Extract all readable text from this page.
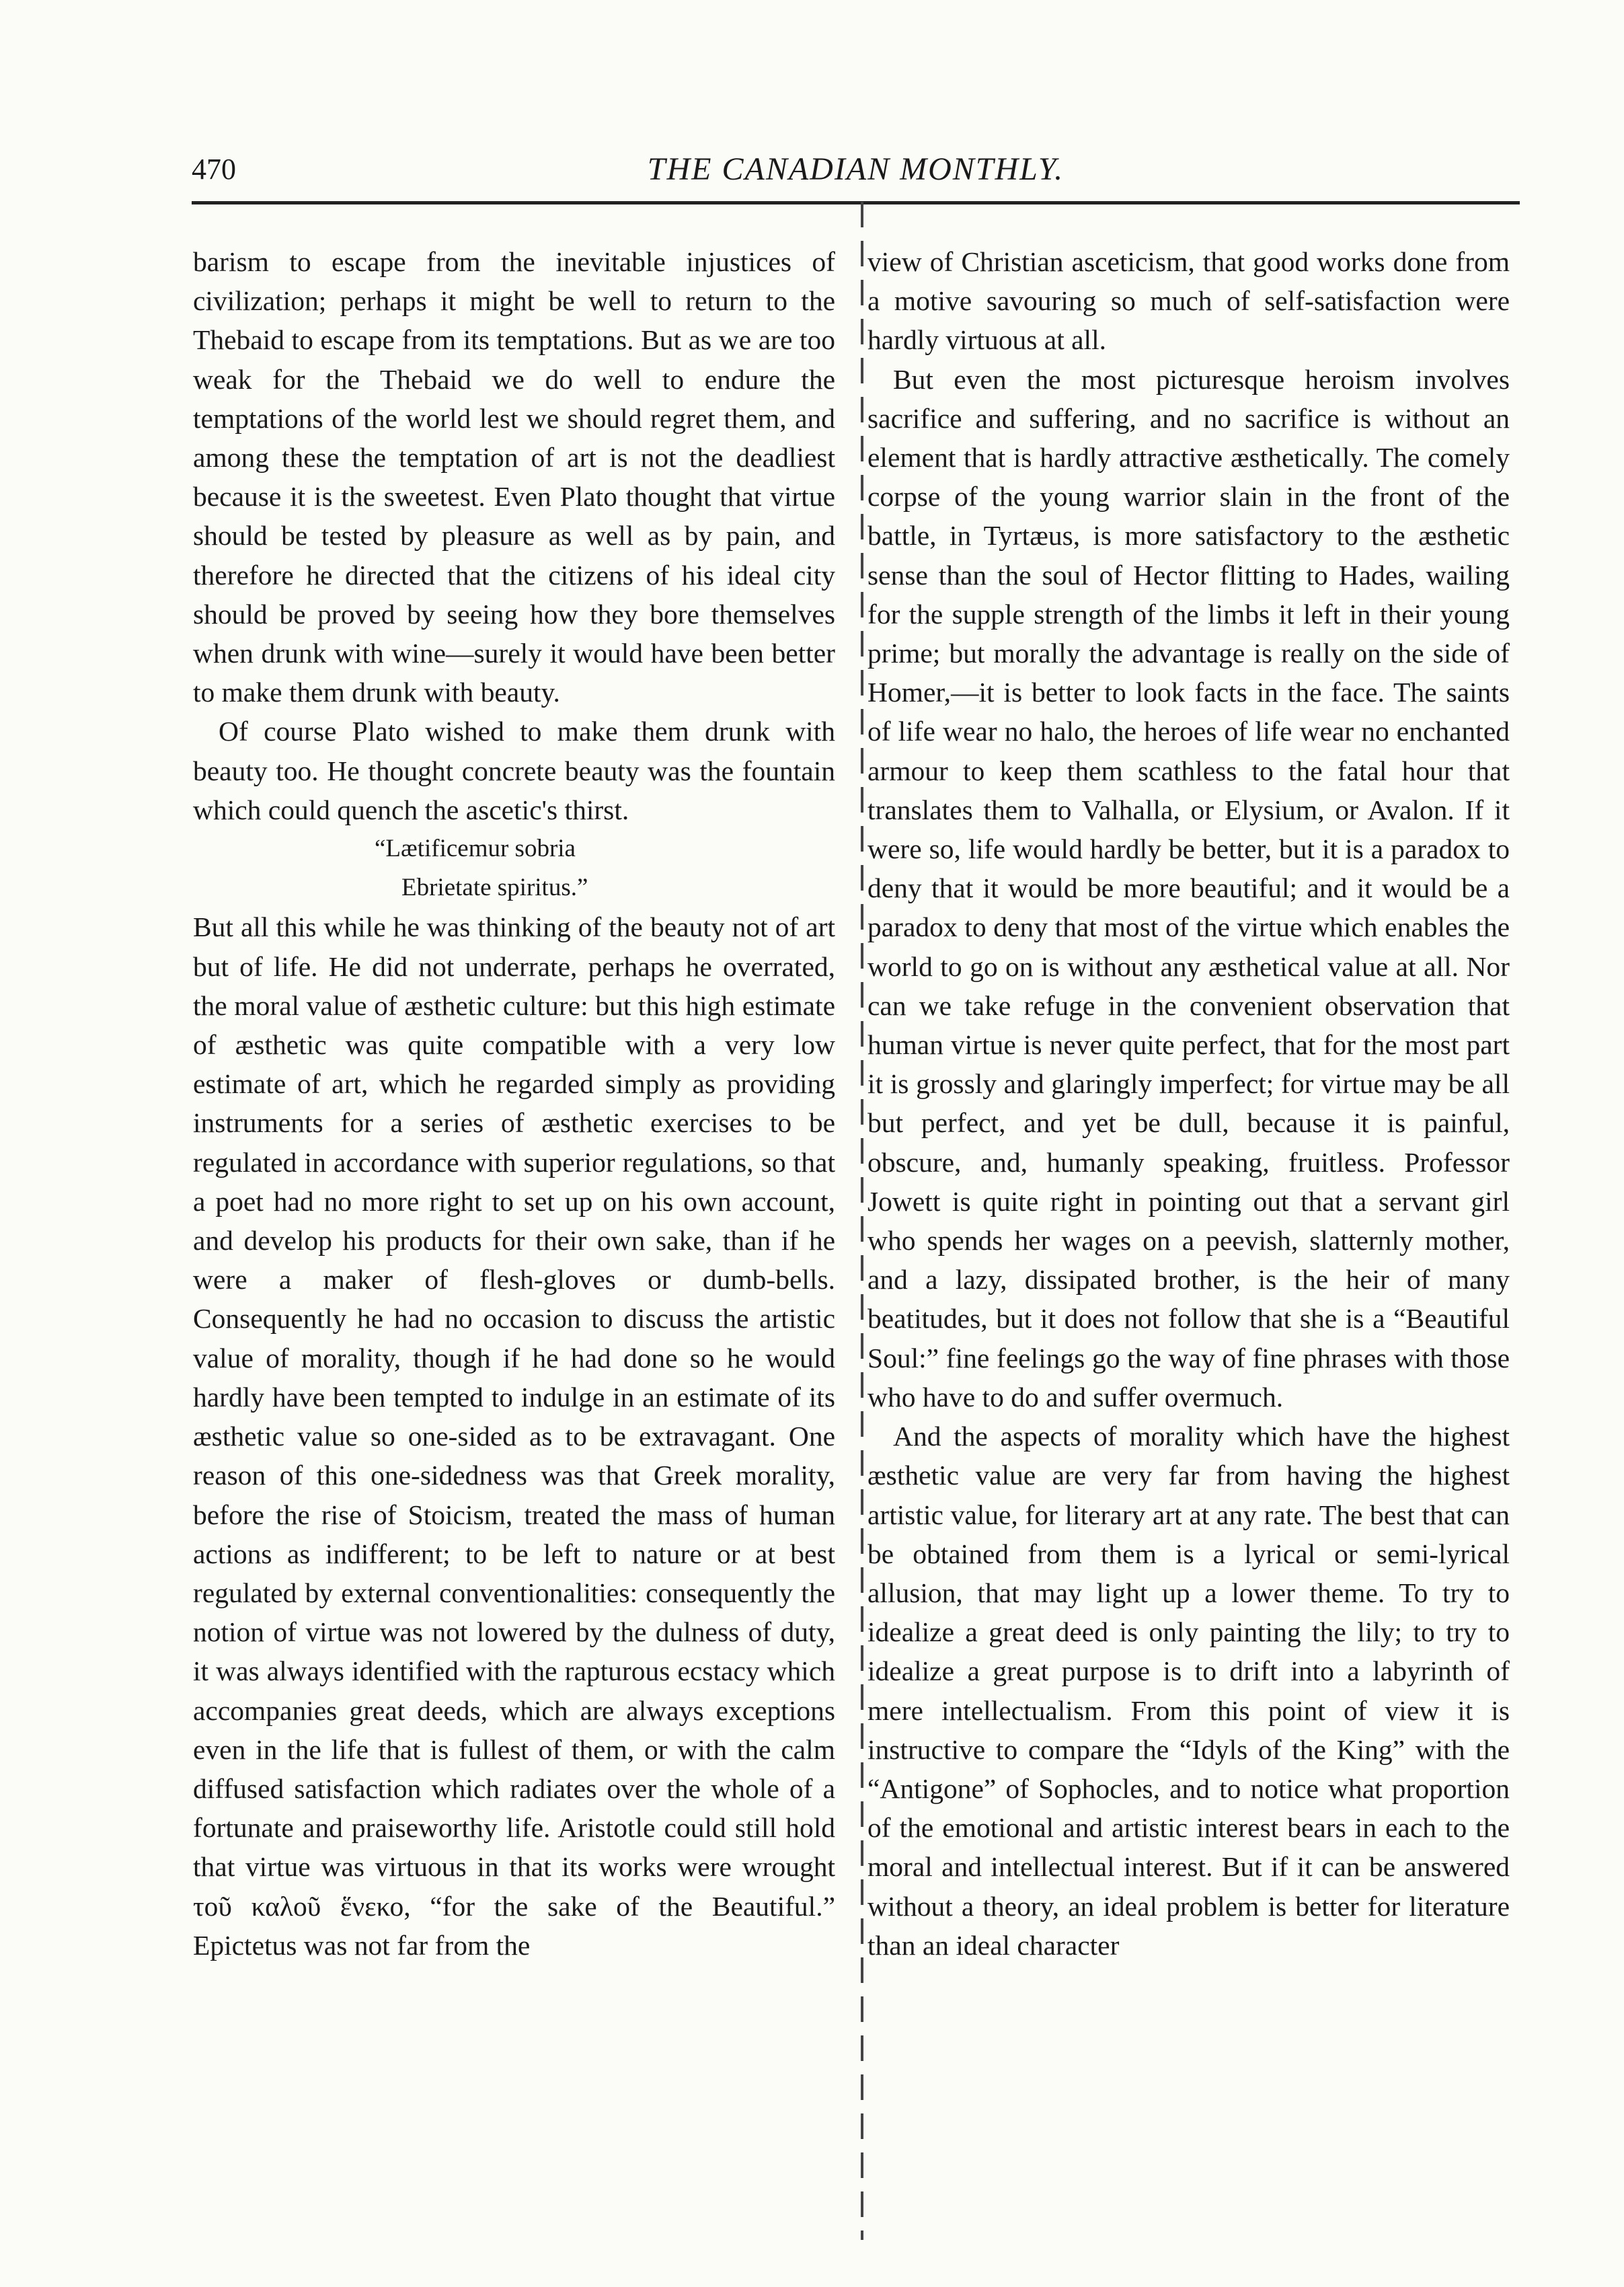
470	THE CANADIAN MONTHLY.

barism to escape from the inevitable injustices of civilization; perhaps it might be well to return to the Thebaid to escape from its temptations. But as we are too weak for the Thebaid we do well to endure the temptations of the world lest we should regret them, and among these the temptation of art is not the deadliest because it is the sweetest. Even Plato thought that virtue should be tested by pleasure as well as by pain, and therefore he directed that the citizens of his ideal city should be proved by seeing how they bore themselves when drunk with wine—surely it would have been better to make them drunk with beauty.

Of course Plato wished to make them drunk with beauty too. He thought concrete beauty was the fountain which could quench the ascetic's thirst.

“Lætificemur sobria
Ebrietate spiritus.”

But all this while he was thinking of the beauty not of art but of life. He did not underrate, perhaps he overrated, the moral value of æsthetic culture: but this high estimate of æsthetic was quite compatible with a very low estimate of art, which he regarded simply as providing instruments for a series of æsthetic exercises to be regulated in accordance with superior regulations, so that a poet had no more right to set up on his own account, and develop his products for their own sake, than if he were a maker of flesh-gloves or dumb-bells. Consequently he had no occasion to discuss the artistic value of morality, though if he had done so he would hardly have been tempted to indulge in an estimate of its æsthetic value so one-sided as to be extravagant. One reason of this one-sidedness was that Greek morality, before the rise of Stoicism, treated the mass of human actions as indifferent; to be left to nature or at best regulated by external conventionalities: consequently the notion of virtue was not lowered by the dulness of duty, it was always identified with the rapturous ecstacy which accompanies great deeds, which are always exceptions even in the life that is fullest of them, or with the calm diffused satisfaction which radiates over the whole of a fortunate and praiseworthy life. Aristotle could still hold that virtue was virtuous in that its works were wrought τοῦ καλοῦ ἕνεκο, “for the sake of the Beautiful.” Epictetus was not far from the

view of Christian asceticism, that good works done from a motive savouring so much of self-satisfaction were hardly virtuous at all.

But even the most picturesque heroism involves sacrifice and suffering, and no sacrifice is without an element that is hardly attractive æsthetically. The comely corpse of the young warrior slain in the front of the battle, in Tyrtæus, is more satisfactory to the æsthetic sense than the soul of Hector flitting to Hades, wailing for the supple strength of the limbs it left in their young prime; but morally the advantage is really on the side of Homer,—it is better to look facts in the face. The saints of life wear no halo, the heroes of life wear no enchanted armour to keep them scathless to the fatal hour that translates them to Valhalla, or Elysium, or Avalon. If it were so, life would hardly be better, but it is a paradox to deny that it would be more beautiful; and it would be a paradox to deny that most of the virtue which enables the world to go on is without any æsthetical value at all. Nor can we take refuge in the convenient observation that human virtue is never quite perfect, that for the most part it is grossly and glaringly imperfect; for virtue may be all but perfect, and yet be dull, because it is painful, obscure, and, humanly speaking, fruitless. Professor Jowett is quite right in pointing out that a servant girl who spends her wages on a peevish, slatternly mother, and a lazy, dissipated brother, is the heir of many beatitudes, but it does not follow that she is a “Beautiful Soul:” fine feelings go the way of fine phrases with those who have to do and suffer overmuch.

And the aspects of morality which have the highest æsthetic value are very far from having the highest artistic value, for literary art at any rate. The best that can be obtained from them is a lyrical or semi-lyrical allusion, that may light up a lower theme. To try to idealize a great deed is only painting the lily; to try to idealize a great purpose is to drift into a labyrinth of mere intellectualism. From this point of view it is instructive to compare the “Idyls of the King” with the “Antigone” of Sophocles, and to notice what proportion of the emotional and artistic interest bears in each to the moral and intellectual interest. But if it can be answered without a theory, an ideal problem is better for literature than an ideal character
